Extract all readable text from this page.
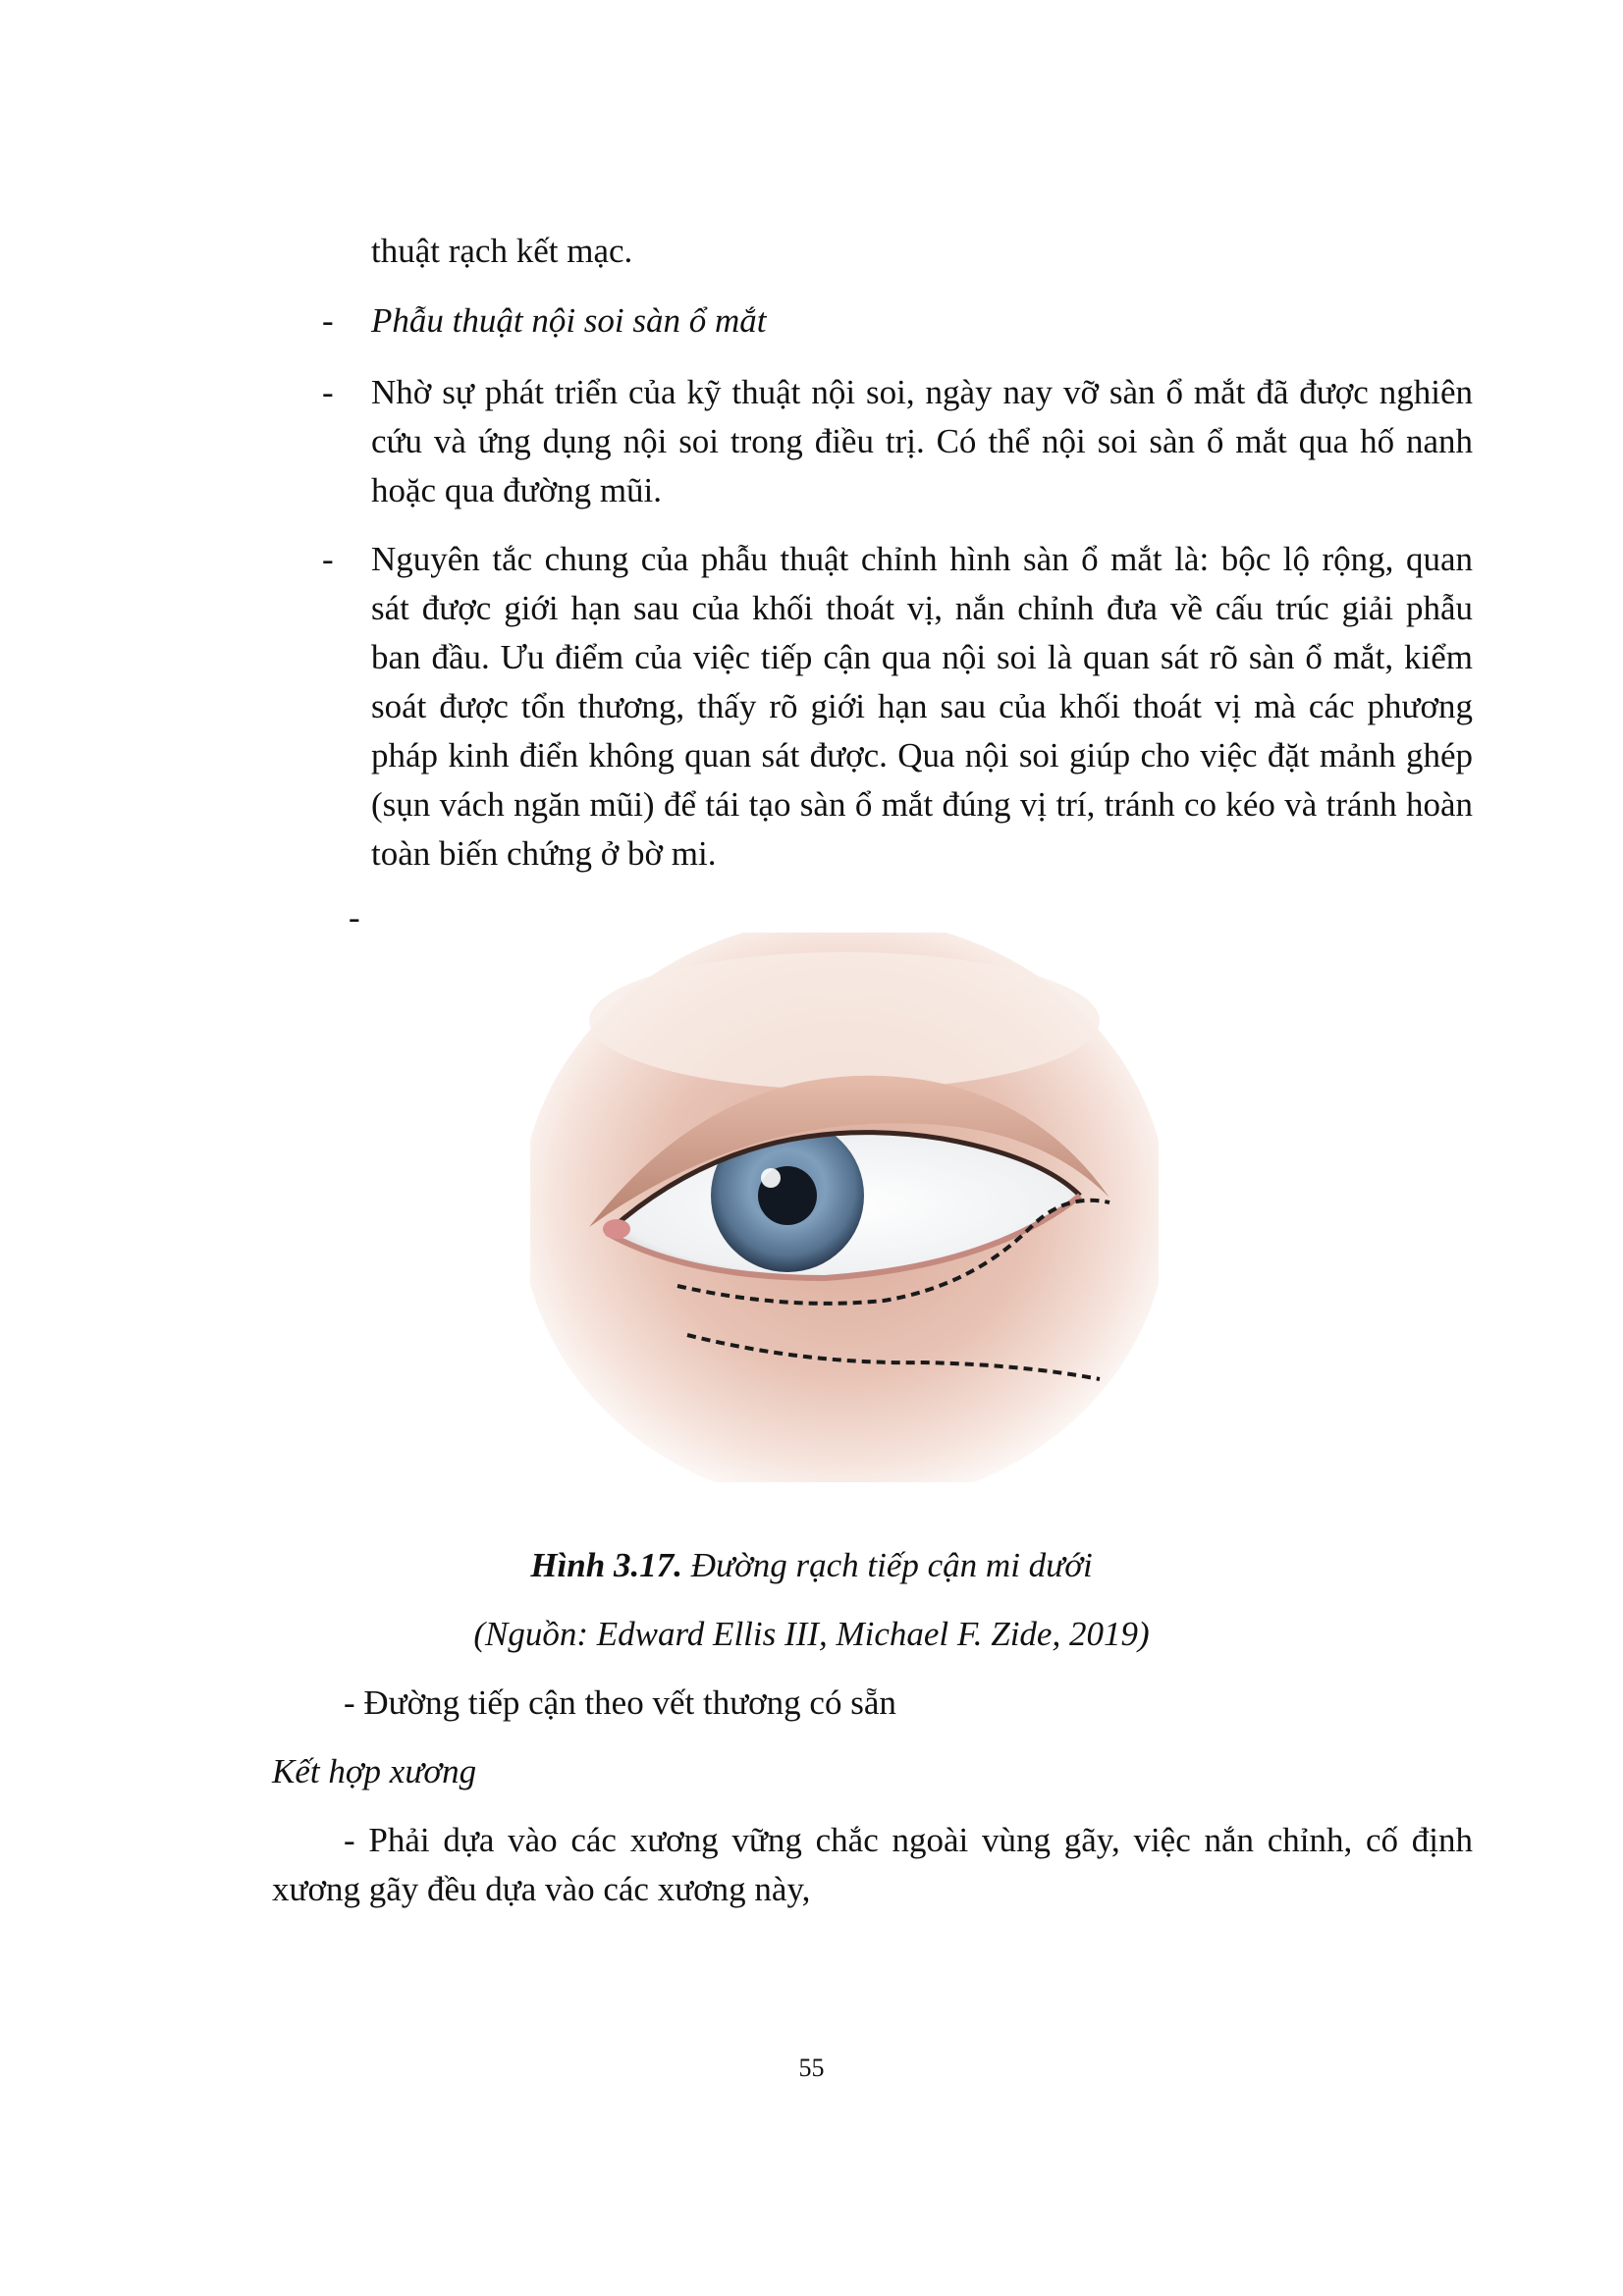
thuật rạch kết mạc.
- Phẫu thuật nội soi sàn ổ mắt
- Nhờ sự phát triển của kỹ thuật nội soi, ngày nay vỡ sàn ổ mắt đã được nghiên
cứu và ứng dụng nội soi trong điều trị. Có thể nội soi sàn ổ mắt qua hố nanh
hoặc qua đường mũi.
- Nguyên tắc chung của phẫu thuật chỉnh hình sàn ổ mắt là: bộc lộ rộng, quan
sát được giới hạn sau của khối thoát vị, nắn chỉnh đưa về cấu trúc giải phẫu
ban đầu. Ưu điểm của việc tiếp cận qua nội soi là quan sát rõ sàn ổ mắt, kiểm
soát được tổn thương, thấy rõ giới hạn sau của khối thoát vị mà các phương
pháp kinh điển không quan sát được. Qua nội soi giúp cho việc đặt mảnh ghép
(sụn vách ngăn mũi) để tái tạo sàn ổ mắt đúng vị trí, tránh co kéo và tránh hoàn
toàn biến chứng ở bờ mi.
-
Hình 3.17. Đường rạch tiếp cận mi dưới
(Nguồn: Edward Ellis III, Michael F. Zide, 2019)
- Đường tiếp cận theo vết thương có sẵn
Kết hợp xương
- Phải dựa vào các xương vững chắc ngoài vùng gãy, việc nắn chỉnh, cố định
xương gãy đều dựa vào các xương này,
55
